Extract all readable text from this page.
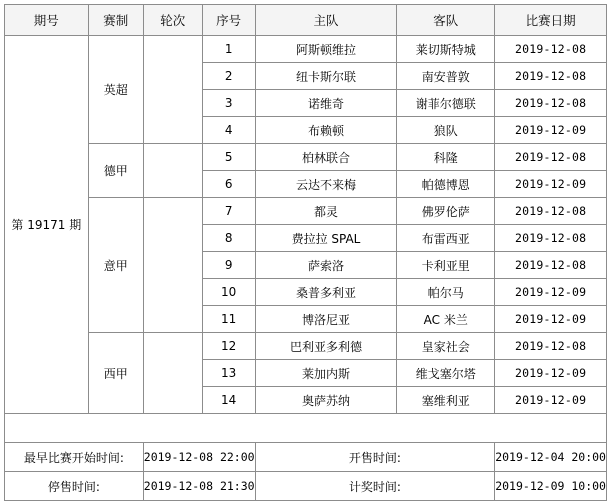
期号	赛制	轮次	序号	主队	客队	比赛日期
第 19171 期	英超		1	阿斯顿维拉	莱切斯特城	2019-12-08
			2	纽卡斯尔联	南安普敦	2019-12-08
			3	诺维奇	谢菲尔德联	2019-12-08
			4	布赖顿	狼队	2019-12-09
	德甲		5	柏林联合	科隆	2019-12-08
			6	云达不来梅	帕德博恩	2019-12-09
	意甲		7	都灵	佛罗伦萨	2019-12-08
			8	费拉拉 SPAL	布雷西亚	2019-12-08
			9	萨索洛	卡利亚里	2019-12-08
			10	桑普多利亚	帕尔马	2019-12-09
			11	博洛尼亚	AC 米兰	2019-12-09
	西甲		12	巴利亚多利德	皇家社会	2019-12-08
			13	莱加内斯	维戈塞尔塔	2019-12-09
			14	奥萨苏纳	塞维利亚	2019-12-09

最早比赛开始时间:		2019-12-08 22:00		开售时间:		2019-12-04 20:00
停售时间:		2019-12-08 21:30		计奖时间:		2019-12-09 10:00
